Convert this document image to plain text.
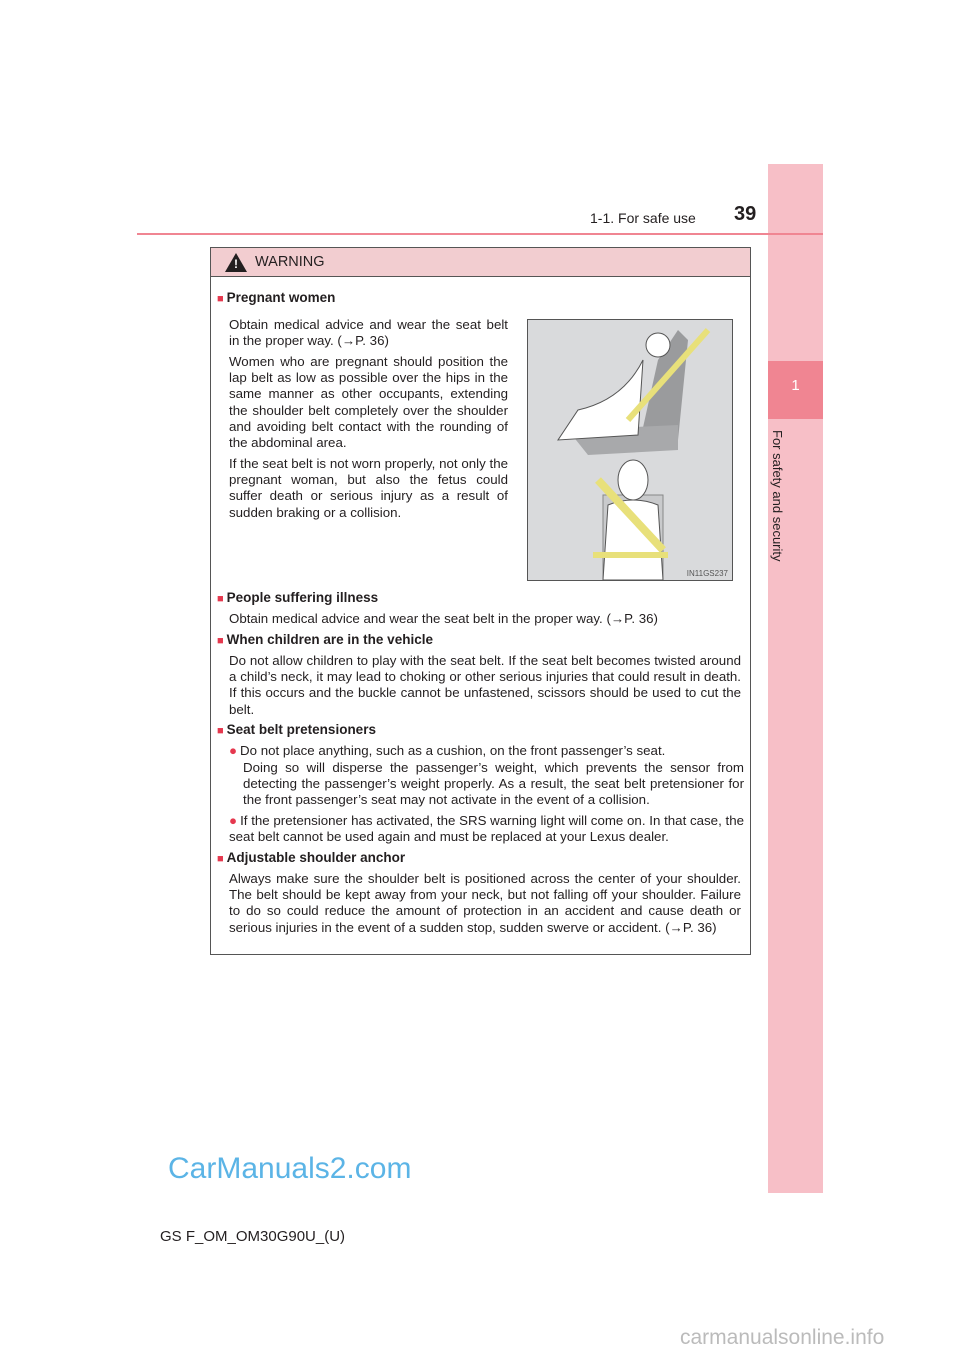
1
For safety and security
1-1. For safe use 39
! WARNING
■ Pregnant women
Obtain medical advice and wear the seat belt in the proper way. (→P. 36)
Women who are pregnant should position the lap belt as low as possible over the hips in the same manner as other occupants, extending the shoulder belt completely over the shoulder and avoiding belt contact with the rounding of the abdominal area.
If the seat belt is not worn properly, not only the pregnant woman, but also the fetus could suffer death or serious injury as a result of sudden braking or a collision.
IN11GS237
■ People suffering illness
Obtain medical advice and wear the seat belt in the proper way. (→P. 36)
■ When children are in the vehicle
Do not allow children to play with the seat belt. If the seat belt becomes twisted around a child’s neck, it may lead to choking or other serious injuries that could result in death. If this occurs and the buckle cannot be unfastened, scissors should be used to cut the belt.
■ Seat belt pretensioners
● Do not place anything, such as a cushion, on the front passenger’s seat.
Doing so will disperse the passenger’s weight, which prevents the sensor from detecting the passenger’s weight properly. As a result, the seat belt pretensioner for the front passenger’s seat may not activate in the event of a collision.
● If the pretensioner has activated, the SRS warning light will come on. In that case, the seat belt cannot be used again and must be replaced at your Lexus dealer.
■ Adjustable shoulder anchor
Always make sure the shoulder belt is positioned across the center of your shoulder. The belt should be kept away from your neck, but not falling off your shoulder. Failure to do so could reduce the amount of protection in an accident and cause death or serious injuries in the event of a sudden stop, sudden swerve or accident. (→P. 36)
CarManuals2.com
GS F_OM_OM30G90U_(U)
carmanualsonline.info
